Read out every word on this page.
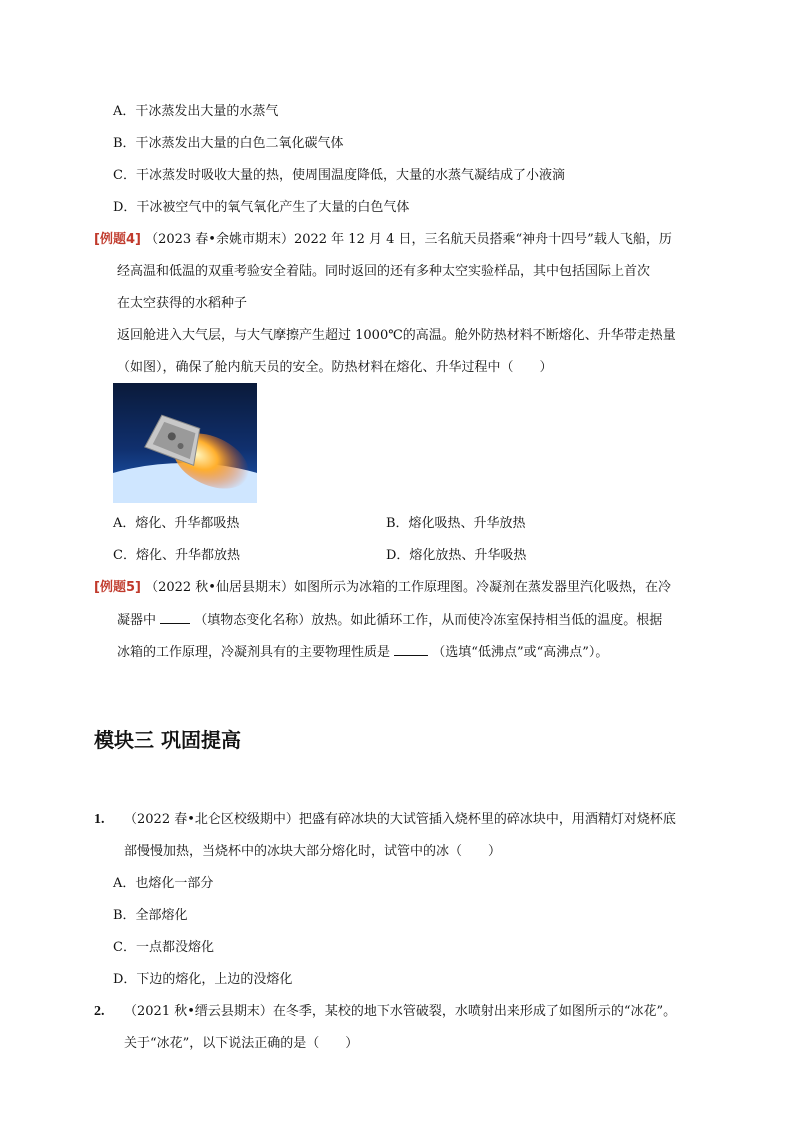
A．干冰蒸发出大量的水蒸气
B．干冰蒸发出大量的白色二氧化碳气体
C．干冰蒸发时吸收大量的热，使周围温度降低，大量的水蒸气凝结成了小液滴
D．干冰被空气中的氧气氧化产生了大量的白色气体
[例题4] （2023 春•余姚市期末）2022 年 12 月 4 日，三名航天员搭乘“神舟十四号”载人飞船，历
经高温和低温的双重考验安全着陆。同时返回的还有多种太空实验样品，其中包括国际上首次
在太空获得的水稻种子
返回舱进入大气层，与大气摩擦产生超过 1000℃的高温。舱外防热材料不断熔化、升华带走热量
（如图），确保了舱内航天员的安全。防热材料在熔化、升华过程中（　　）
A．熔化、升华都吸热	B．熔化吸热、升华放热
C．熔化、升华都放热	D．熔化放热、升华吸热
[例题5] （2022 秋•仙居县期末）如图所示为冰箱的工作原理图。冷凝剂在蒸发器里汽化吸热，在冷
凝器中	（填物态变化名称）放热。如此循环工作，从而使冷冻室保持相当低的温度。根据
冰箱的工作原理，冷凝剂具有的主要物理性质是	（选填“低沸点”或“高沸点”）。
模块三 巩固提高
1. （2022 春•北仑区校级期中）把盛有碎冰块的大试管插入烧杯里的碎冰块中，用酒精灯对烧杯底
部慢慢加热，当烧杯中的冰块大部分熔化时，试管中的冰（　　）
A．也熔化一部分
B．全部熔化
C．一点都没熔化
D．下边的熔化，上边的没熔化
2. （2021 秋•缙云县期末）在冬季，某校的地下水管破裂，水喷射出来形成了如图所示的“冰花”。
关于“冰花”，以下说法正确的是（　　）
